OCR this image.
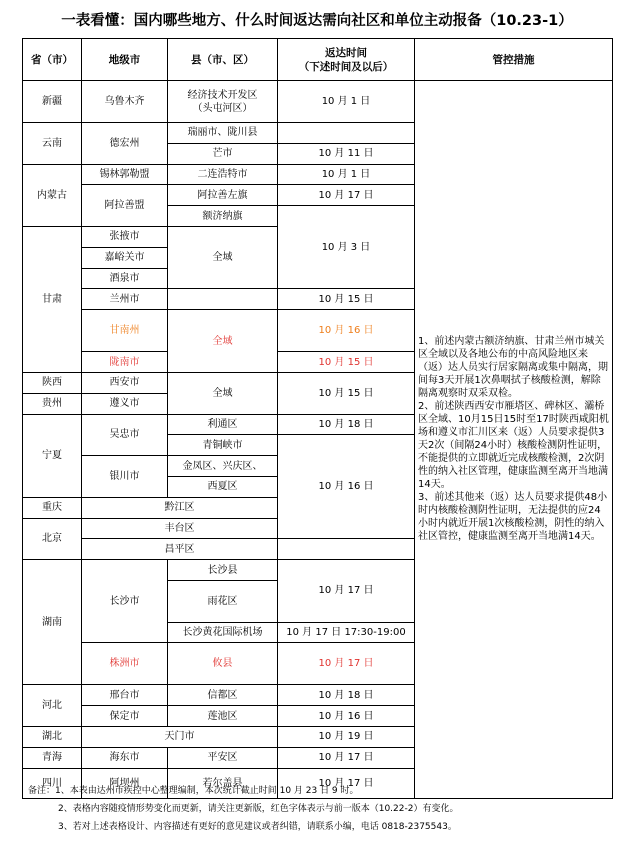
一表看懂：国内哪些地方、什么时间返达需向社区和单位主动报备（10.23-1）
省（市）	地级市	县（市、区）	返达时间
（下述时间及以后）	管控措施
新疆	乌鲁木齐	经济技术开发区
（头屯河区）	10 月 1 日	1、前述内蒙古额济纳旗、甘肃兰州市城关区全域以及各地公布的中高风险地区来（返）达人员实行居家隔离或集中隔离，期间每3天开展1次鼻咽拭子核酸检测，解除隔离观察时双采双检。
2、前述陕西西安市雁塔区、碑林区、灞桥区全域、10月15日15时至17时陕西咸阳机场和遵义市汇川区来（返）人员要求提供3天2次（间隔24小时）核酸检测阴性证明，不能提供的立即就近完成核酸检测，2次阴性的纳入社区管理，健康监测至离开当地满14天。
3、前述其他来（返）达人员要求提供48小时内核酸检测阴性证明，无法提供的应24小时内就近开展1次核酸检测，阴性的纳入社区管控，健康监测至离开当地满14天。

云南	德宏州	瑞丽市、陇川县		
		芒市	10 月 11 日	
内蒙古	锡林郭勒盟	二连浩特市	10 月 1 日	
	阿拉善盟	阿拉善左旗	10 月 17 日	
		额济纳旗	10 月 3 日	
甘肃	张掖市	全域		
	嘉峪关市			
	酒泉市			
	兰州市		10 月 15 日	
	甘南州	全域	10 月 16 日	
	陇南市		10 月 15 日	
陕西	西安市	全域	10 月 15 日	
贵州	遵义市			
宁夏	吴忠市	利通区	10 月 18 日	
		青铜峡市	10 月 16 日	
	银川市	金凤区、兴庆区、		
		西夏区		
重庆	黔江区			
北京	丰台区			
	昌平区			
湖南	长沙市	长沙县	10 月 17 日	
		雨花区		

		长沙黄花国际机场	10 月 17 日 17:30-19:00	
	株洲市	攸县	10 月 17 日	
河北	邢台市	信都区	10 月 18 日	
	保定市	莲池区	10 月 16 日	
湖北	天门市		10 月 19 日	
青海	海东市	平安区	10 月 17 日	
四川	阿坝州	若尔盖县	10 月 17 日	
备注：1、本表由达州市疾控中心整理编制，本次统计截止时间 10 月 23 日 9 时。
2、表格内容随疫情形势变化而更新，请关注更新版，红色字体表示与前一版本（10.22-2）有变化。
3、若对上述表格设计、内容描述有更好的意见建议或者纠错，请联系小编，电话 0818-2375543。
